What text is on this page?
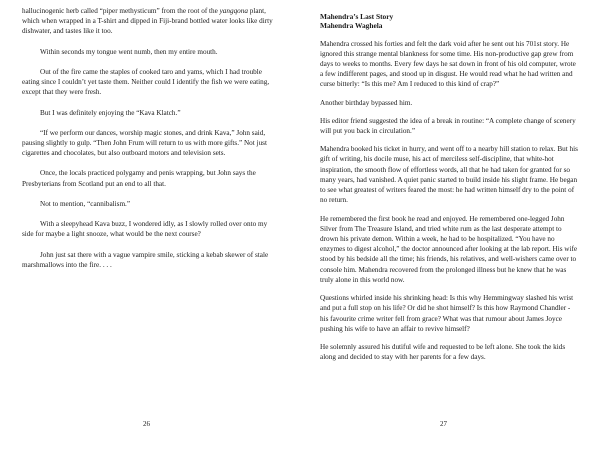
hallucinogenic herb called “piper methysticum” from the root of the yangqona plant, which when wrapped in a T-shirt and dipped in Fiji-brand bottled water looks like dirty dishwater, and tastes like it too.

Within seconds my tongue went numb, then my entire mouth.

Out of the fire came the staples of cooked taro and yams, which I had trouble eating since I couldn’t yet taste them. Neither could I identify the fish we were eating, except that they were fresh.

But I was definitely enjoying the “Kava Klatch.”

“If we perform our dances, worship magic stones, and drink Kava,” John said, pausing slightly to gulp. “Then John Frum will return to us with more gifts.” Not just cigarettes and chocolates, but also outboard motors and television sets.

Once, the locals practiced polygamy and penis wrapping, but John says the Presbyterians from Scotland put an end to all that.

Not to mention, “cannibalism.”

With a sleepyhead Kava buzz, I wondered idly, as I slowly rolled over onto my side for maybe a light snooze, what would be the next course?

John just sat there with a vague vampire smile, sticking a kebab skewer of stale marshmallows into the fire. . . .

26
Mahendra’s Last Story
Mahendra Waghela

Mahendra crossed his forties and felt the dark void after he sent out his 701st story. He ignored this strange mental blankness for some time. His non-productive gap grew from days to weeks to months. Every few days he sat down in front of his old computer, wrote a few indifferent pages, and stood up in disgust. He would read what he had written and curse bitterly: “Is this me? Am I reduced to this kind of crap?”

Another birthday bypassed him.

His editor friend suggested the idea of a break in routine: “A complete change of scenery will put you back in circulation.”

Mahendra booked his ticket in hurry, and went off to a nearby hill station to relax. But his gift of writing, his docile muse, his act of merciless self-discipline, that white-hot inspiration, the smooth flow of effortless words, all that he had taken for granted for so many years, had vanished. A quiet panic started to build inside his slight frame. He began to see what greatest of writers feared the most: he had written himself dry to the point of no return.

He remembered the first book he read and enjoyed. He remembered one-legged John Silver from The Treasure Island, and tried white rum as the last desperate attempt to drown his private demon. Within a week, he had to be hospitalized. “You have no enzymes to digest alcohol,” the doctor announced after looking at the lab report. His wife stood by his bedside all the time; his friends, his relatives, and well-wishers came over to console him. Mahendra recovered from the prolonged illness but he knew that he was truly alone in this world now.

Questions whirled inside his shrinking head: Is this why Hemmingway slashed his wrist and put a full stop on his life? Or did he shot himself? Is this how Raymond Chandler - his favourite crime writer fell from grace? What was that rumour about James Joyce pushing his wife to have an affair to revive himself?

He solemnly assured his dutiful wife and requested to be left alone. She took the kids along and decided to stay with her parents for a few days.

27
